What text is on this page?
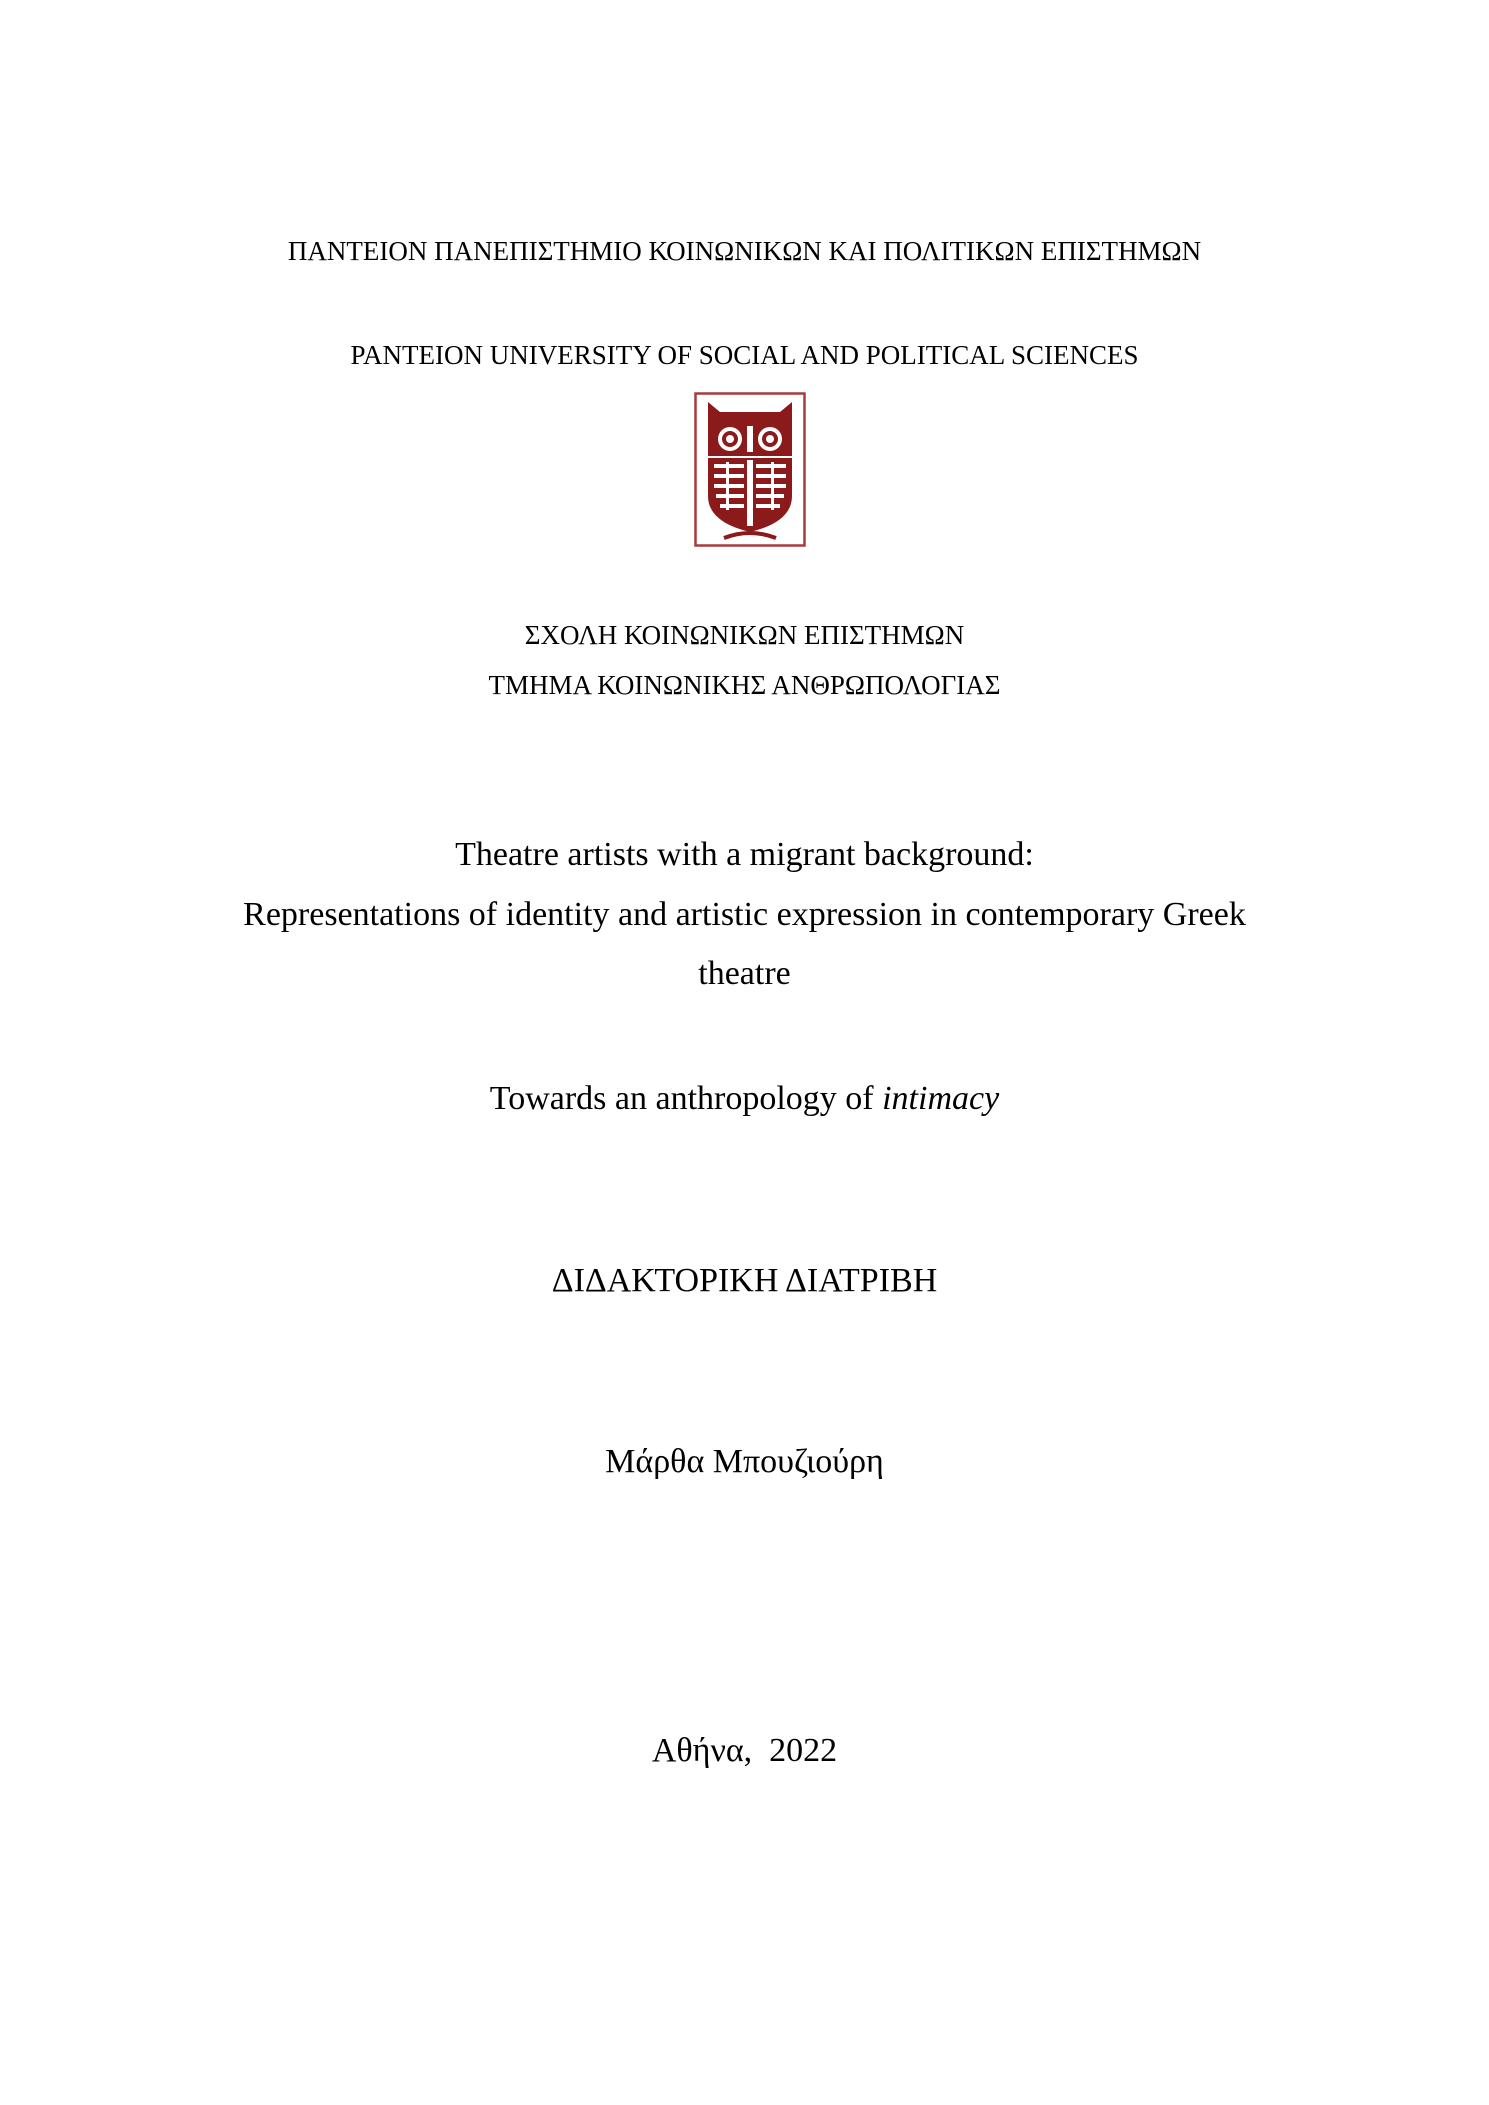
ΠΑΝΤΕΙΟΝ ΠΑΝΕΠΙΣΤΗΜΙΟ ΚΟΙΝΩΝΙΚΩΝ ΚΑΙ ΠΟΛΙΤΙΚΩΝ ΕΠΙΣΤΗΜΩΝ
PANTEION UNIVERSITY OF SOCIAL AND POLITICAL SCIENCES
ΣΧΟΛΗ ΚΟΙΝΩΝΙΚΩΝ ΕΠΙΣΤΗΜΩΝ
ΤΜΗΜΑ ΚΟΙΝΩΝΙΚΗΣ ΑΝΘΡΩΠΟΛΟΓΙΑΣ
Theatre artists with a migrant background:
Representations of identity and artistic expression in contemporary Greek
theatre
Towards an anthropology of intimacy
ΔΙΔΑΚΤΟΡΙΚΗ ΔΙΑΤΡΙΒΗ
Μάρθα Μπουζιούρη
Αθήνα,  2022
